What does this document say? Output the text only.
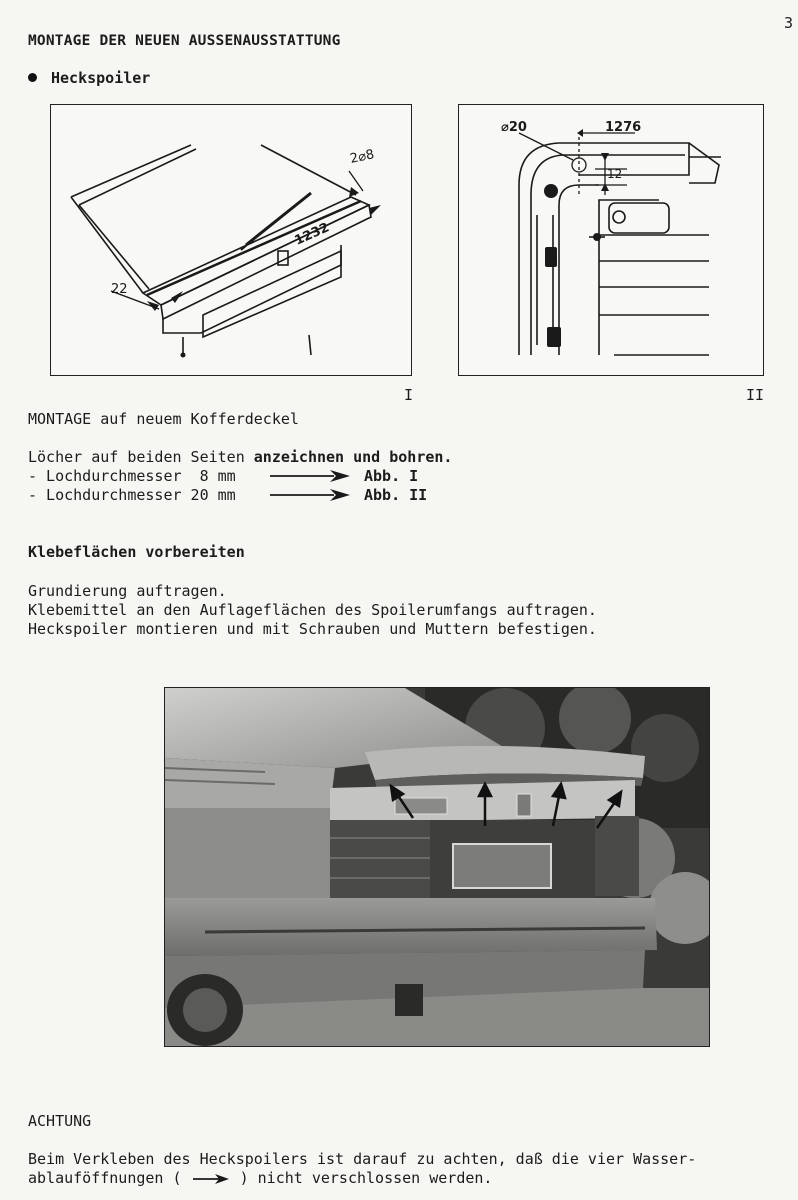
3
MONTAGE DER NEUEN AUSSENAUSSTATTUNG
Heckspoiler
2⌀8
1232
22
I
⌀20	1276
12
II
MONTAGE auf neuem Kofferdeckel
Löcher auf beiden Seiten anzeichnen und bohren.
- Lochdurchmesser  8 mm	Abb. I
- Lochdurchmesser 20 mm	Abb. II
Klebeflächen vorbereiten
Grundierung auftragen.
Klebemittel an den Auflageflächen des Spoilerumfangs auftragen.
Heckspoiler montieren und mit Schrauben und Muttern befestigen.
ACHTUNG
Beim Verkleben des Heckspoilers ist darauf zu achten, daß die vier Wasser-
ablauföffnungen (	) nicht verschlossen werden.
